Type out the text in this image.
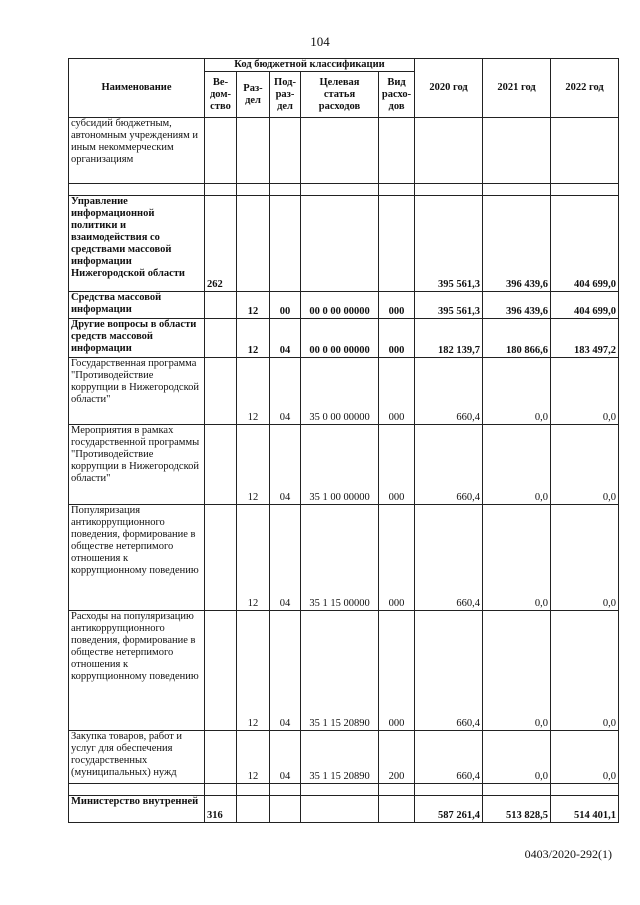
104
Наименование	Код бюджетной классификации					2020 год	2021 год	2022 год
	Ве-дом-ство	Раз-дел	Под-раз-дел	Целевая статья расходов	Вид расхо-дов			
субсидий бюджетным, автономным учреждениям и иным некоммерческим организациям								

Управление информационной политики и взаимодействия со средствами массовой информации Нижегородской области	262					395 561,3	396 439,6	404 699,0
Средства массовой информации		12	00	00 0 00 00000	000	395 561,3	396 439,6	404 699,0
Другие вопросы в области средств массовой информации		12	04	00 0 00 00000	000	182 139,7	180 866,6	183 497,2
Государственная программа "Противодействие коррупции в Нижегородской области"		12	04	35 0 00 00000	000	660,4	0,0	0,0
Мероприятия в рамках государственной программы "Противодействие коррупции в Нижегородской области"		12	04	35 1 00 00000	000	660,4	0,0	0,0
Популяризация антикоррупционного поведения, формирование в обществе нетерпимого отношения к коррупционному поведению		12	04	35 1 15 00000	000	660,4	0,0	0,0
Расходы на популяризацию антикоррупционного поведения, формирование в обществе нетерпимого отношения к коррупционному поведению		12	04	35 1 15 20890	000	660,4	0,0	0,0
Закупка товаров, работ и услуг для обеспечения государственных (муниципальных) нужд		12	04	35 1 15 20890	200	660,4	0,0	0,0

Министерство внутренней	316					587 261,4	513 828,5	514 401,1
0403/2020-292(1)
